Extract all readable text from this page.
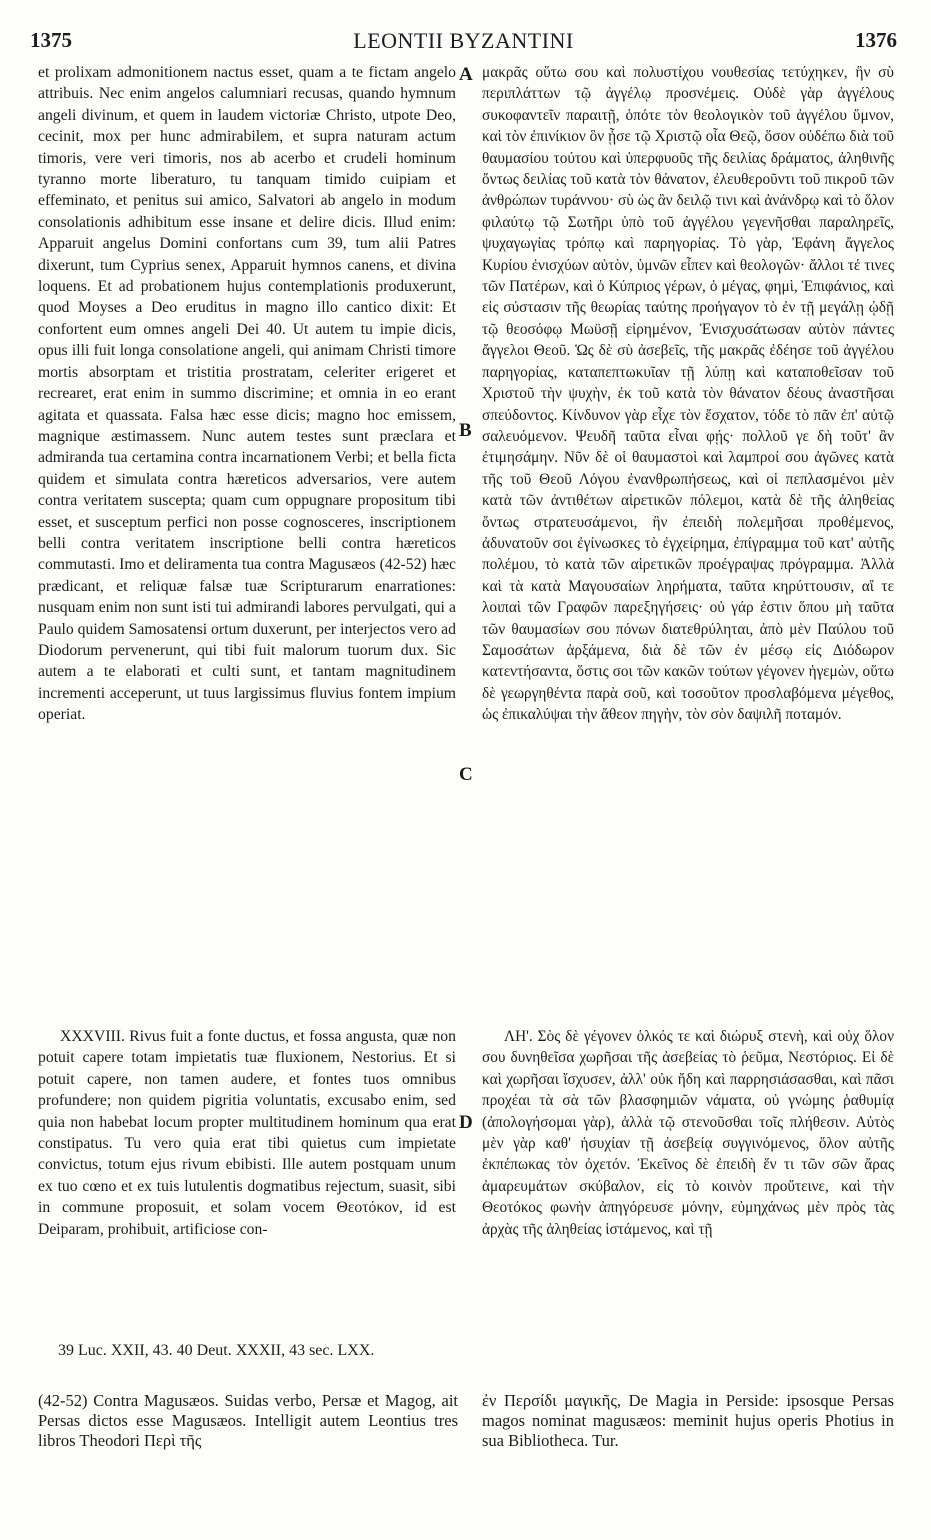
1375	LEONTII BYZANTINI	1376

et prolixam admonitionem nactus esset, quam a te fictam angelo attribuis. Nec enim angelos calumniari recusas, quando hymnum angeli divinum, et quem in laudem victoriæ Christo, utpote Deo, cecinit, mox per hunc admirabilem, et supra naturam actum timoris, vere veri timoris, nos ab acerbo et crudeli hominum tyranno morte liberaturo, tu tanquam timido cuipiam et effeminato, et penitus sui amico, Salvatori ab angelo in modum consolationis adhibitum esse insane et delire dicis. Illud enim: Apparuit angelus Domini confortans cum 39, tum alii Patres dixerunt, tum Cyprius senex, Apparuit hymnos canens, et divina loquens. Et ad probationem hujus contemplationis produxerunt, quod Moyses a Deo eruditus in magno illo cantico dixit: Et confortent eum omnes angeli Dei 40. Ut autem tu impie dicis, opus illi fuit longa consolatione angeli, qui animam Christi timore mortis absorptam et tristitia prostratam, celeriter erigeret et recrearet, erat enim in summo discrimine; et omnia in eo erant agitata et quassata. Falsa hæc esse dicis; magno hoc emissem, magnique æstimassem. Nunc autem testes sunt præclara et admiranda tua certamina contra incarnationem Verbi; et bella ficta quidem et simulata contra hæreticos adversarios, vere autem contra veritatem suscepta; quam cum oppugnare propositum tibi esset, et susceptum perfici non posse cognosceres, inscriptionem belli contra veritatem inscriptione belli contra hæreticos commutasti. Imo et deliramenta tua contra Magusæos (42-52) hæc prædicant, et reliquæ falsæ tuæ Scripturarum enarrationes: nusquam enim non sunt isti tui admirandi labores pervulgati, qui a Paulo quidem Samosatensi ortum duxerunt, per interjectos vero ad Diodorum pervenerunt, qui tibi fuit malorum tuorum dux. Sic autem a te elaborati et culti sunt, et tantam magnitudinem incrementi acceperunt, ut tuus largissimus fluvius fontem impium operiat.

XXXVIII. Rivus fuit a fonte ductus, et fossa angusta, quæ non potuit capere totam impietatis tuæ fluxionem, Nestorius. Et si potuit capere, non tamen audere, et fontes tuos omnibus profundere; non quidem pigritia voluntatis, excusabo enim, sed quia non habebat locum propter multitudinem hominum qua erat constipatus. Tu vero quia erat tibi quietus cum impietate convictus, totum ejus rivum ebibisti. Ille autem postquam unum ex tuo cœno et ex tuis lutulentis dogmatibus rejectum, suasit, sibi in commune proposuit, et solam vocem Θεοτόκον, id est Deiparam, prohibuit, artificiose con-

μακρᾶς οὕτω σου καὶ πολυστίχου νουθεσίας τετύχηκεν, ἣν σὺ περιπλάττων τῷ ἀγγέλῳ προσνέμεις. Οὐδὲ γὰρ ἀγγέλους συκοφαντεῖν παραιτῇ, ὁπότε τὸν θεολογικὸν τοῦ ἀγγέλου ὕμνον, καὶ τὸν ἐπινίκιον ὃν ᾖσε τῷ Χριστῷ οἷα Θεῷ, ὅσον οὐδέπω διὰ τοῦ θαυμασίου τούτου καὶ ὑπερφυοῦς τῆς δειλίας δράματος, ἀληθινῆς ὄντως δειλίας τοῦ κατὰ τὸν θάνατον, ἐλευθεροῦντι τοῦ πικροῦ τῶν ἀνθρώπων τυράννου· σὺ ὡς ἂν δειλῷ τινι καὶ ἀνάνδρῳ καὶ τὸ ὅλον φιλαύτῳ τῷ Σωτῆρι ὑπὸ τοῦ ἀγγέλου γεγενῆσθαι παραληρεῖς, ψυχαγωγίας τρόπῳ καὶ παρηγορίας. Τὸ γὰρ, Ἐφάνη ἄγγελος Κυρίου ἐνισχύων αὐτὸν, ὑμνῶν εἶπεν καὶ θεολογῶν· ἄλλοι τέ τινες τῶν Πατέρων, καὶ ὁ Κύπριος γέρων, ὁ μέγας, φημὶ, Ἐπιφάνιος, καὶ εἰς σύστασιν τῆς θεωρίας ταύτης προήγαγον τὸ ἐν τῇ μεγάλῃ ᾠδῇ τῷ θεοσόφῳ Μωϋσῇ εἰρημένον, Ἐνισχυσάτωσαν αὐτὸν πάντες ἄγγελοι Θεοῦ. Ὡς δὲ σὺ ἀσεβεῖς, τῆς μακρᾶς ἐδέησε τοῦ ἀγγέλου παρηγορίας, καταπεπτωκυῖαν τῇ λύπῃ καὶ καταποθεῖσαν τοῦ Χριστοῦ τὴν ψυχὴν, ἐκ τοῦ κατὰ τὸν θάνατον δέους ἀναστῆσαι σπεύδοντος. Κίνδυνον γὰρ εἶχε τὸν ἔσχατον, τόδε τὸ πᾶν ἐπ' αὐτῷ σαλευόμενον. Ψευδῆ ταῦτα εἶναι φῄς· πολλοῦ γε δὴ τοῦτ' ἂν ἐτιμησάμην. Νῦν δὲ οἱ θαυμαστοὶ καὶ λαμπροί σου ἀγῶνες κατὰ τῆς τοῦ Θεοῦ Λόγου ἐνανθρωπήσεως, καὶ οἱ πεπλασμένοι μὲν κατὰ τῶν ἀντιθέτων αἱρετικῶν πόλεμοι, κατὰ δὲ τῆς ἀληθείας ὄντως στρατευσάμενοι, ἣν ἐπειδὴ πολεμῆσαι προθέμενος, ἀδυνατοῦν σοι ἐγίνωσκες τὸ ἐγχείρημα, ἐπίγραμμα τοῦ κατ' αὐτῆς πολέμου, τὸ κατὰ τῶν αἱρετικῶν προέγραψας πρόγραμμα. Ἀλλὰ καὶ τὰ κατὰ Μαγουσαίων ληρήματα, ταῦτα κηρύττουσιν, αἵ τε λοιπαὶ τῶν Γραφῶν παρεξηγήσεις· οὐ γάρ ἐστιν ὅπου μὴ ταῦτα τῶν θαυμασίων σου πόνων διατεθρύληται, ἀπὸ μὲν Παύλου τοῦ Σαμοσάτων ἀρξάμενα, διὰ δὲ τῶν ἐν μέσῳ εἰς Διόδωρον κατεντήσαντα, ὅστις σοι τῶν κακῶν τούτων γέγονεν ἡγεμὼν, οὕτω δὲ γεωργηθέντα παρὰ σοῦ, καὶ τοσοῦτον προσλαβόμενα μέγεθος, ὡς ἐπικαλύψαι τὴν ἄθεον πηγὴν, τὸν σὸν δαψιλῆ ποταμόν.

ΛΗ'. Σὸς δὲ γέγονεν ὁλκός τε καὶ διώρυξ στενὴ, καὶ οὐχ ὅλον σου δυνηθεῖσα χωρῆσαι τῆς ἀσεβείας τὸ ῥεῦμα, Νεστόριος. Εἰ δὲ καὶ χωρῆσαι ἴσχυσεν, ἀλλ' οὐκ ἤδη καὶ παρρησιάσασθαι, καὶ πᾶσι προχέαι τὰ σὰ τῶν βλασφημιῶν νάματα, οὐ γνώμης ῥαθυμίᾳ (ἀπολογήσομαι γὰρ), ἀλλὰ τῷ στενοῦσθαι τοῖς πλήθεσιν. Αὐτὸς μὲν γὰρ καθ' ἡσυχίαν τῇ ἀσεβείᾳ συγγινόμενος, ὅλον αὐτῆς ἐκπέπωκας τὸν ὀχετόν. Ἐκεῖνος δὲ ἐπειδὴ ἕν τι τῶν σῶν ἄρας ἀμαρευμάτων σκύβαλον, εἰς τὸ κοινὸν προὔτεινε, καὶ τὴν Θεοτόκος φωνὴν ἀπηγόρευσε μόνην, εὐμηχάνως μὲν πρὸς τὰς ἀρχὰς τῆς ἀληθείας ἱστάμενος, καὶ τῇ

A
B
C
D
39 Luc. XXII, 43. 40 Deut. XXXII, 43 sec. LXX.
(42-52) Contra Magusæos. Suidas verbo, Persæ et Magog, ait Persas dictos esse Magusæos. Intelligit autem Leontius tres libros Theodori Περὶ τῆς
ἐν Περσίδι μαγικῆς, De Magia in Perside: ipsosque Persas magos nominat magusæos: meminit hujus operis Photius in sua Bibliotheca. Tur.
